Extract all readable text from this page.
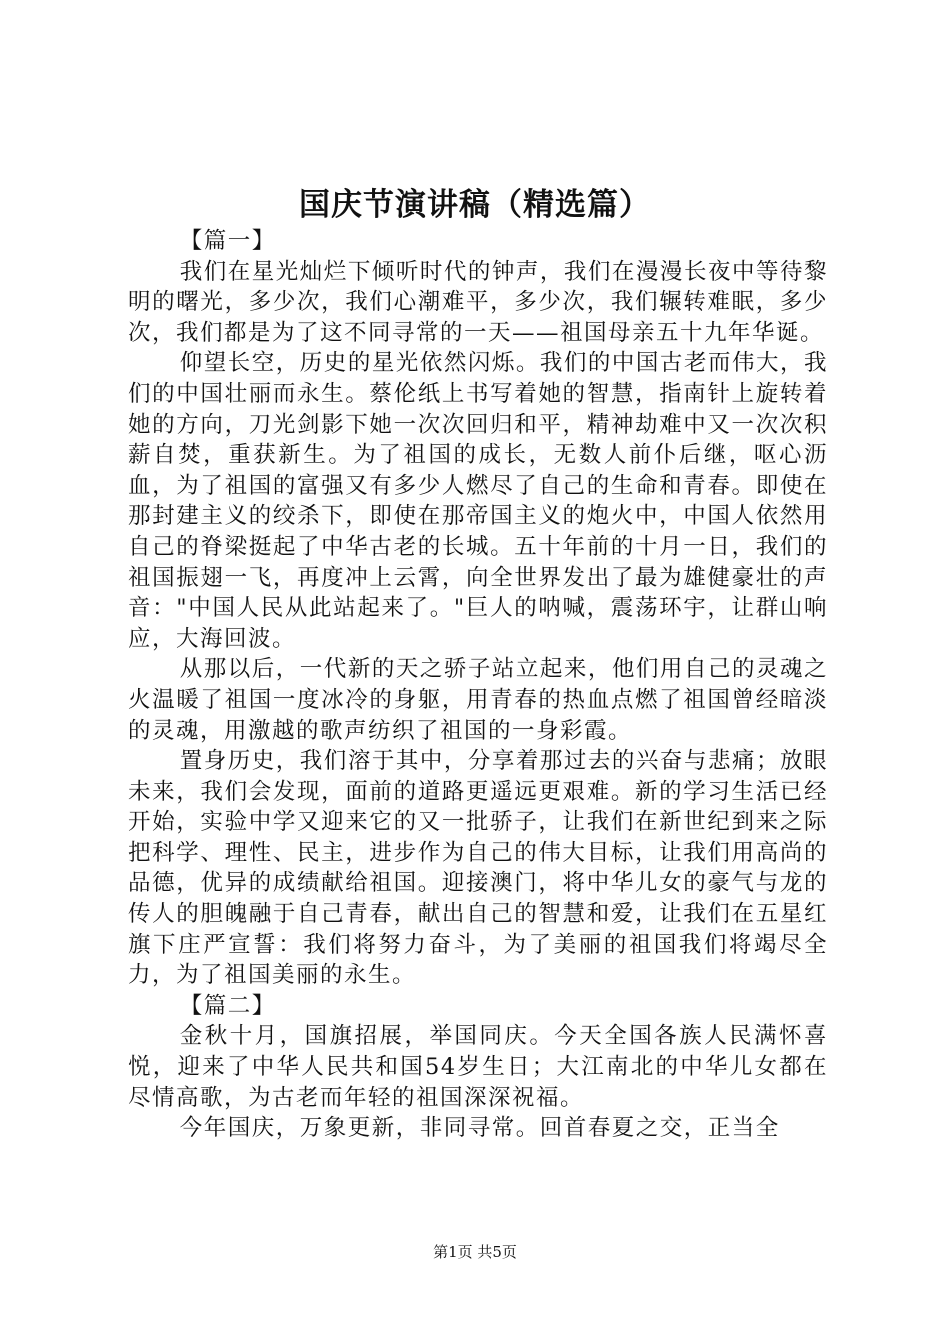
国庆节演讲稿（精选篇）

【篇一】

我们在星光灿烂下倾听时代的钟声，我们在漫漫长夜中等待黎明的曙光，多少次，我们心潮难平，多少次，我们辗转难眠，多少次，我们都是为了这不同寻常的一天——祖国母亲五十九年华诞。

仰望长空，历史的星光依然闪烁。我们的中国古老而伟大，我们的中国壮丽而永生。蔡伦纸上书写着她的智慧，指南针上旋转着她的方向，刀光剑影下她一次次回归和平，精神劫难中又一次次积薪自焚，重获新生。为了祖国的成长，无数人前仆后继，呕心沥血，为了祖国的富强又有多少人燃尽了自己的生命和青春。即使在那封建主义的绞杀下，即使在那帝国主义的炮火中，中国人依然用自己的脊梁挺起了中华古老的长城。五十年前的十月一日，我们的祖国振翅一飞，再度冲上云霄，向全世界发出了最为雄健豪壮的声音："中国人民从此站起来了。"巨人的呐喊，震荡环宇，让群山响应，大海回波。

从那以后，一代新的天之骄子站立起来，他们用自己的灵魂之火温暖了祖国一度冰冷的身躯，用青春的热血点燃了祖国曾经暗淡的灵魂，用激越的歌声纺织了祖国的一身彩霞。

置身历史，我们溶于其中，分享着那过去的兴奋与悲痛；放眼未来，我们会发现，面前的道路更遥远更艰难。新的学习生活已经开始，实验中学又迎来它的又一批骄子，让我们在新世纪到来之际把科学、理性、民主，进步作为自己的伟大目标，让我们用高尚的品德，优异的成绩献给祖国。迎接澳门，将中华儿女的豪气与龙的传人的胆魄融于自己青春，献出自己的智慧和爱，让我们在五星红旗下庄严宣誓：我们将努力奋斗，为了美丽的祖国我们将竭尽全力，为了祖国美丽的永生。

【篇二】

金秋十月，国旗招展，举国同庆。今天全国各族人民满怀喜悦，迎来了中华人民共和国54岁生日；大江南北的中华儿女都在尽情高歌，为古老而年轻的祖国深深祝福。

今年国庆，万象更新，非同寻常。回首春夏之交，正当全

第1页 共5页
